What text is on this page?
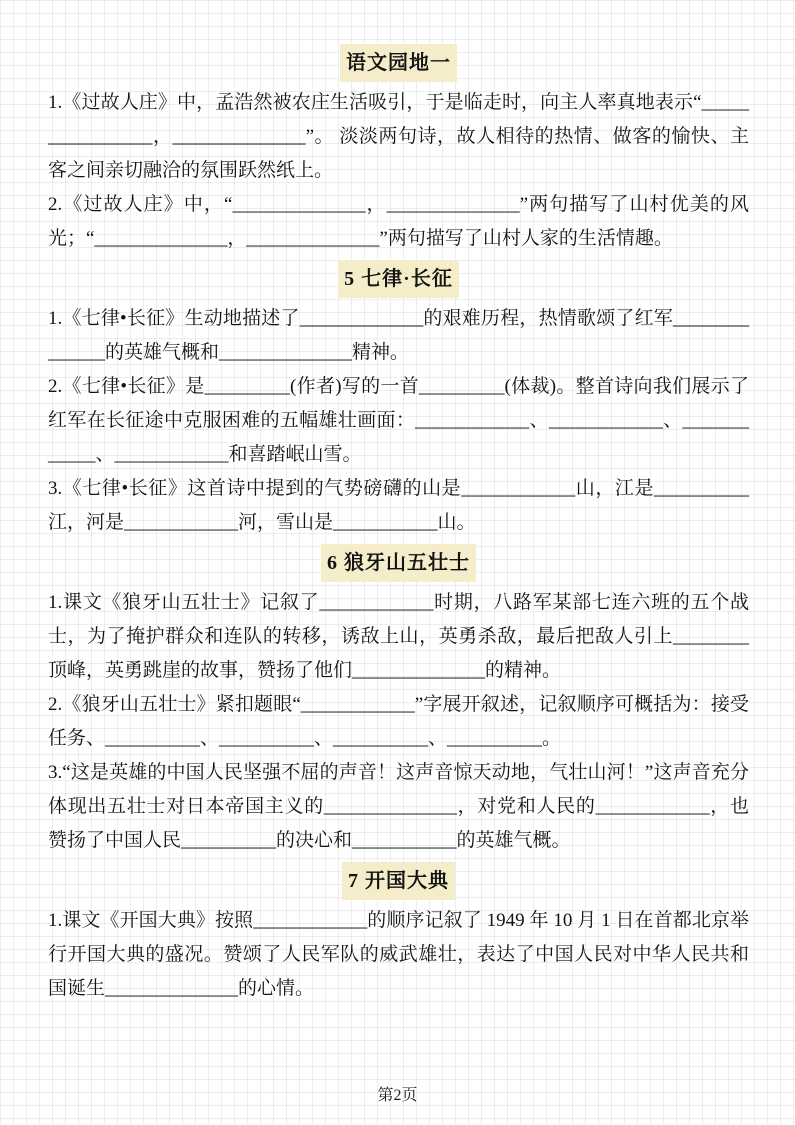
语文园地一

1.《过故人庄》中，孟浩然被农庄生活吸引，于是临走时，向主人率真地表示“________________，______________”。 淡淡两句诗，故人相待的热情、做客的愉快、主客之间亲切融洽的氛围跃然纸上。

2.《过故人庄》中，“______________，______________”两句描写了山村优美的风光；“______________，______________”两句描写了山村人家的生活情趣。

5 七律·长征

1.《七律•长征》生动地描述了_____________的艰难历程，热情歌颂了红军______________的英雄气概和______________精神。

2.《七律•长征》是_________(作者)写的一首_________(体裁)。整首诗向我们展示了红军在长征途中克服困难的五幅雄壮画面：____________、____________、____________、____________和喜踏岷山雪。

3.《七律•长征》这首诗中提到的气势磅礴的山是____________山，江是__________江，河是____________河，雪山是___________山。

6 狼牙山五壮士

1.课文《狼牙山五壮士》记叙了____________时期，八路军某部七连六班的五个战士，为了掩护群众和连队的转移，诱敌上山，英勇杀敌，最后把敌人引上________顶峰，英勇跳崖的故事，赞扬了他们______________的精神。

2.《狼牙山五壮士》紧扣题眼“____________”字展开叙述，记叙顺序可概括为：接受任务、__________、__________、__________、__________。

3.“这是英雄的中国人民坚强不屈的声音！这声音惊天动地，气壮山河！”这声音充分体现出五壮士对日本帝国主义的______________，对党和人民的____________，也赞扬了中国人民__________的决心和___________的英雄气概。

7 开国大典

1.课文《开国大典》按照____________的顺序记叙了 1949 年 10 月 1 日在首都北京举行开国大典的盛况。赞颂了人民军队的威武雄壮，表达了中国人民对中华人民共和国诞生______________的心情。

第2页
